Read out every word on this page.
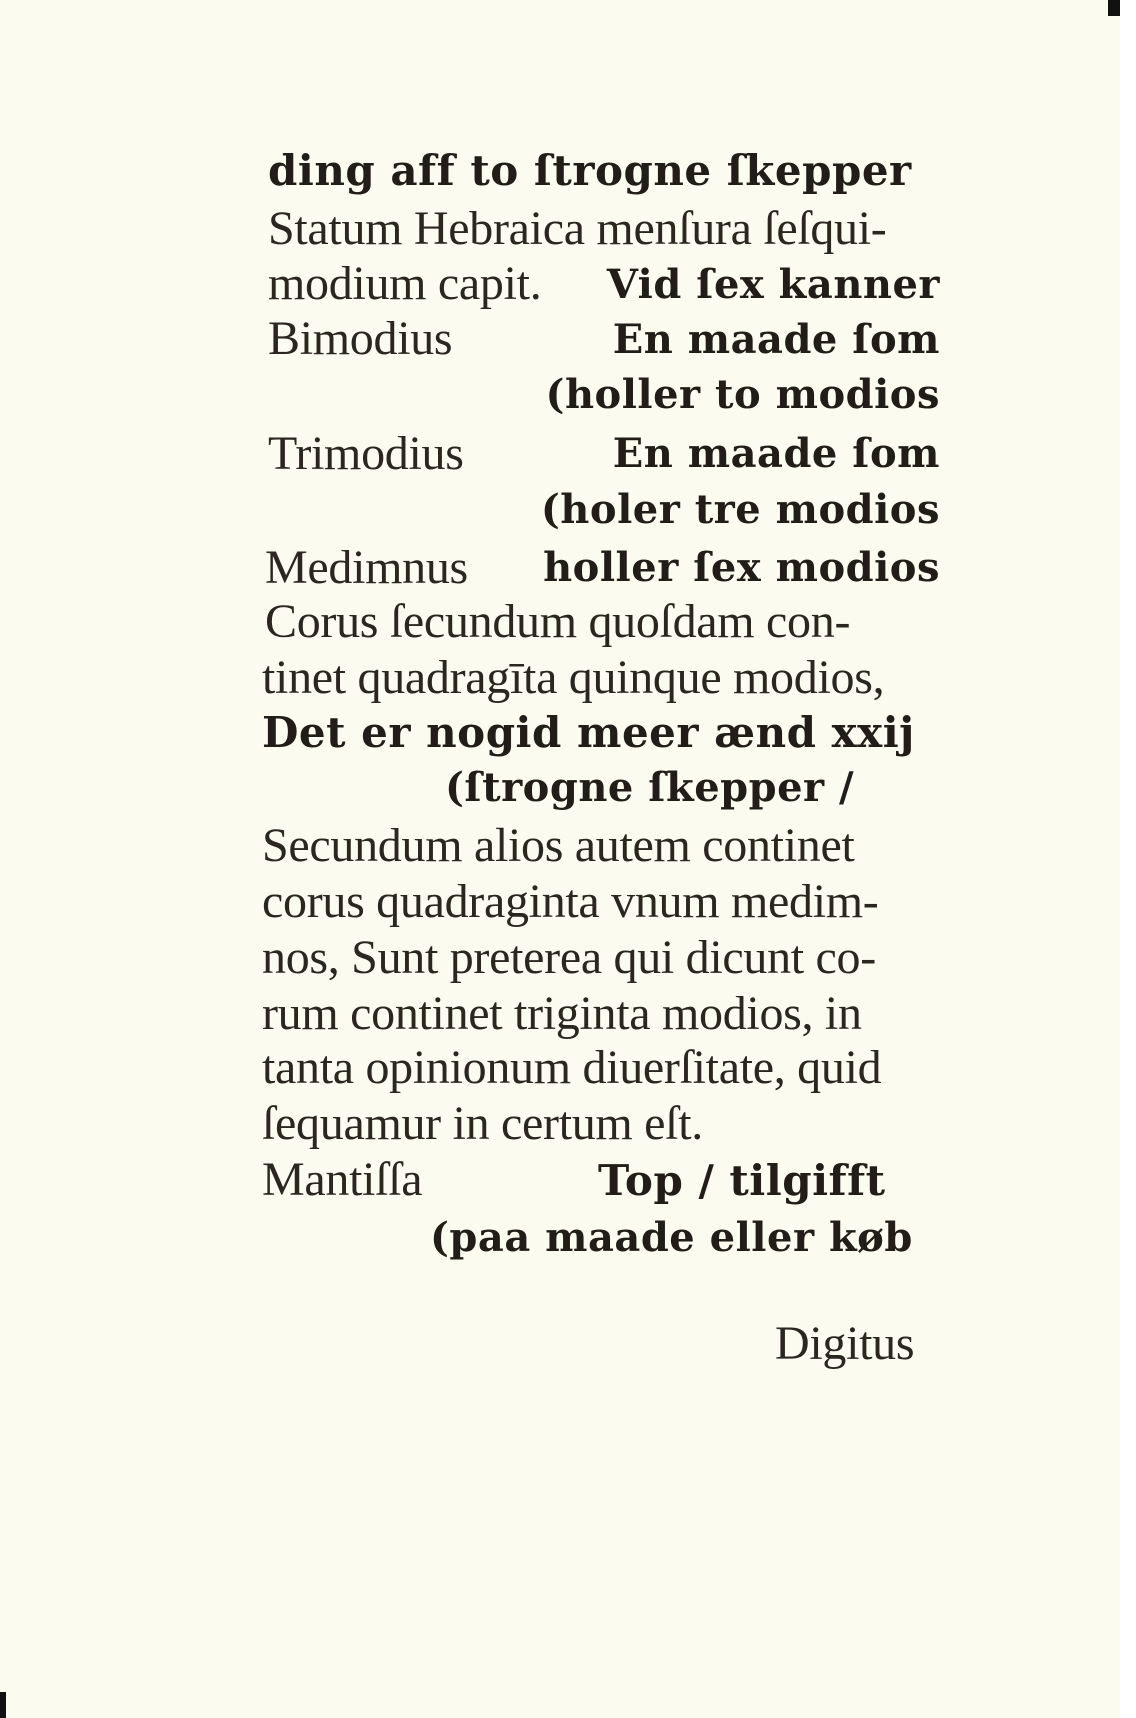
ding aff to ſtrogne ſkepper
Statum Hebraica menſura ſeſqui-
modium capit. Vid ſex kanner
Bimodius	En maade ſom
(holler to modios
Trimodius	En maade ſom
(holer tre modios
Medimnus holler ſex modios
Corus ſecundum quoſdam con-
tinet quadragīta quinque modios,
Det er nogid meer ænd xxij
(ſtrogne ſkepper /
Secundum alios autem continet
corus quadraginta vnum medim-
nos, Sunt preterea qui dicunt co-
rum continet triginta modios, in
tanta opinionum diuerſitate, quid
ſequamur in certum eſt.
Mantiſſa	Top / tilgifft
(paa maade eller køb
Digitus
